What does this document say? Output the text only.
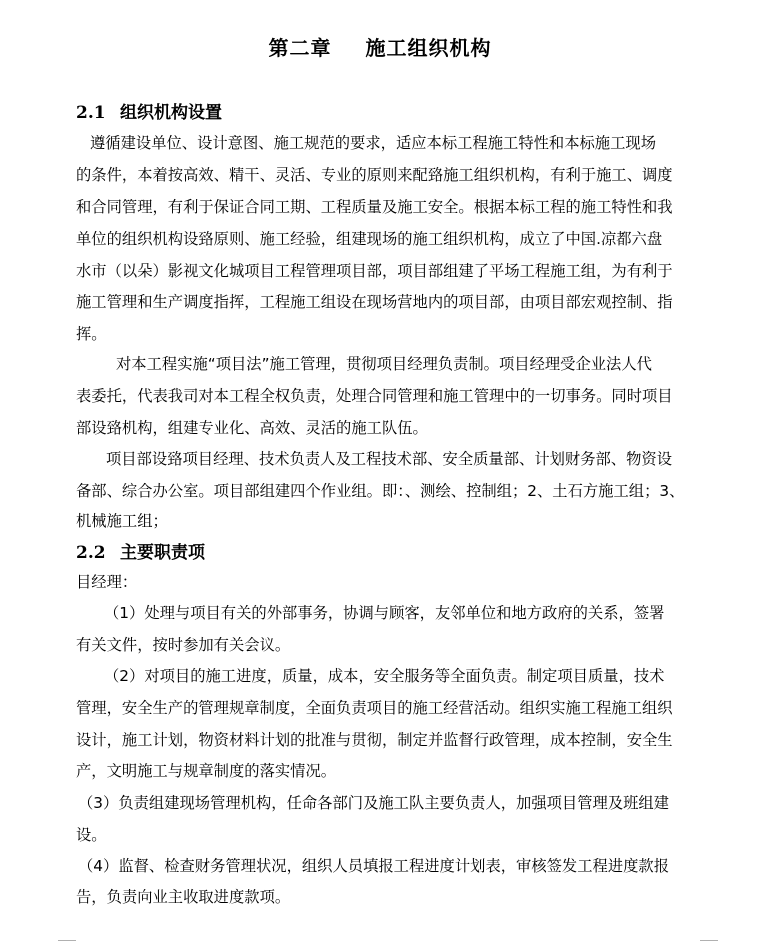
第二章 施工组织机构
2.1 组织机构设置
遵循建设单位、设计意图、施工规范的要求，适应本标工程施工特性和本标施工现场
的条件，本着按高效、精干、灵活、专业的原则来配臵施工组织机构，有利于施工、调度
和合同管理，有利于保证合同工期、工程质量及施工安全。根据本标工程的施工特性和我
单位的组织机构设臵原则、施工经验，组建现场的施工组织机构，成立了中国.凉都六盘
水市（以朵）影视文化城项目工程管理项目部，项目部组建了平场工程施工组，为有利于
施工管理和生产调度指挥，工程施工组设在现场营地内的项目部，由项目部宏观控制、指
挥。
对本工程实施“项目法”施工管理，贯彻项目经理负责制。项目经理受企业法人代
表委托，代表我司对本工程全权负责，处理合同管理和施工管理中的一切事务。同时项目
部设臵机构，组建专业化、高效、灵活的施工队伍。
项目部设臵项目经理、技术负责人及工程技术部、安全质量部、计划财务部、物资设
备部、综合办公室。项目部组建四个作业组。即：、测绘、控制组；2、土石方施工组；3、
机械施工组；
2.2 主要职责项
目经理：
（1）处理与项目有关的外部事务，协调与顾客，友邻单位和地方政府的关系，签署
有关文件，按时参加有关会议。
（2）对项目的施工进度，质量，成本，安全服务等全面负责。制定项目质量，技术
管理，安全生产的管理规章制度，全面负责项目的施工经营活动。组织实施工程施工组织
设计，施工计划，物资材料计划的批准与贯彻，制定并监督行政管理，成本控制，安全生
产，文明施工与规章制度的落实情况。
（3）负责组建现场管理机构，任命各部门及施工队主要负责人，加强项目管理及班组建
设。
（4）监督、检查财务管理状况，组织人员填报工程进度计划表，审核签发工程进度款报
告，负责向业主收取进度款项。
